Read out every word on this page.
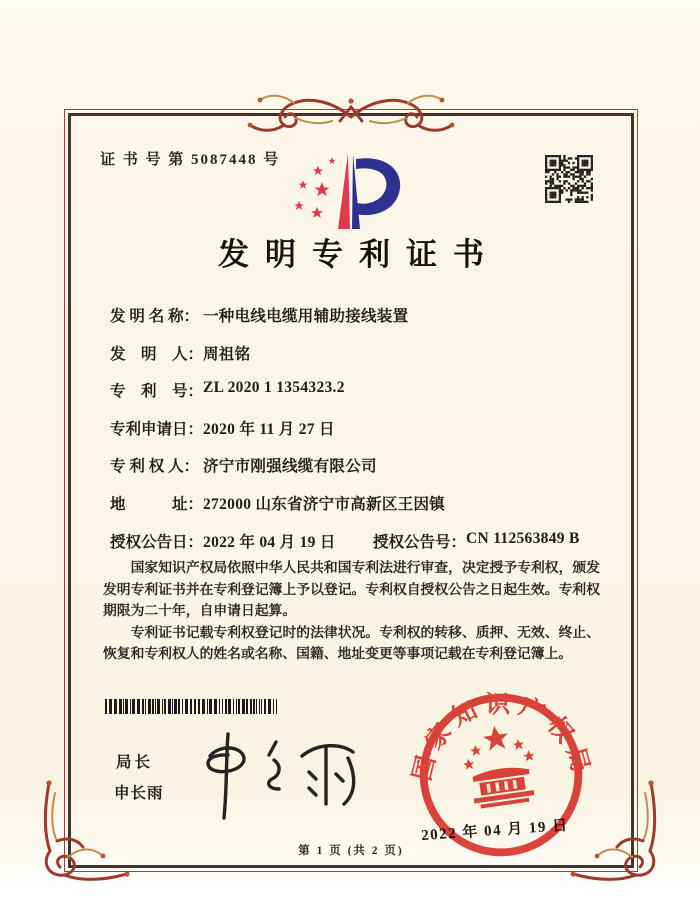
证 书 号 第 5087448 号
发明专利证书
发 明 名 称： 一种电线电缆用辅助接线装置
发　明　人： 周祖铭
专　利　号： ZL 2020 1 1354323.2
专利申请日： 2020 年 11 月 27 日
专 利 权 人： 济宁市刚强线缆有限公司
地　　　址： 272000 山东省济宁市高新区王因镇
授权公告日： 2022 年 04 月 19 日	授权公告号： CN 112563849 B

国家知识产权局依照中华人民共和国专利法进行审查，决定授予专利权，颁发发明专利证书并在专利登记簿上予以登记。专利权自授权公告之日起生效。专利权期限为二十年，自申请日起算。

专利证书记载专利权登记时的法律状况。专利权的转移、质押、无效、终止、恢复和专利权人的姓名或名称、国籍、地址变更等事项记载在专利登记簿上。

局长
申长雨
国家知识产权局
2022 年 04 月 19 日
第 1 页 (共 2 页)
